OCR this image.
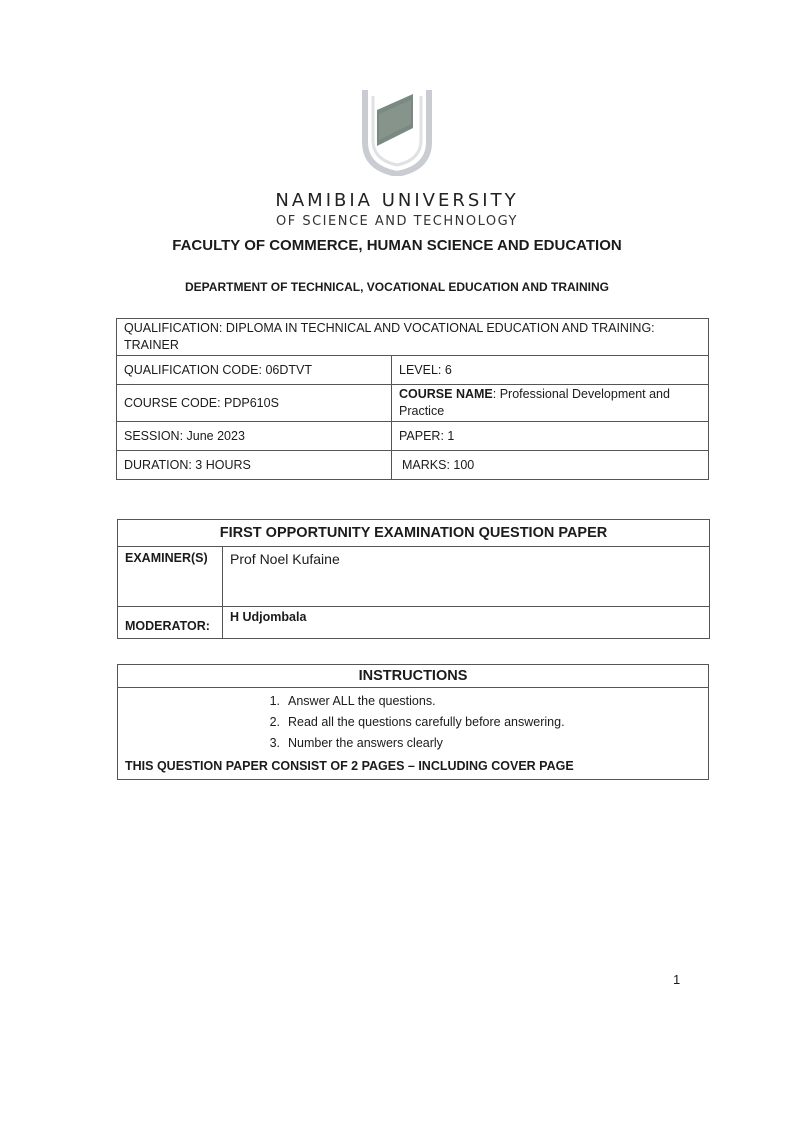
NAMIBIA UNIVERSITY
OF SCIENCE AND TECHNOLOGY
FACULTY OF COMMERCE, HUMAN SCIENCE AND EDUCATION
DEPARTMENT OF TECHNICAL, VOCATIONAL EDUCATION AND TRAINING
QUALIFICATION: DIPLOMA IN TECHNICAL AND VOCATIONAL EDUCATION AND TRAINING: TRAINER	
QUALIFICATION CODE: 06DTVT	LEVEL: 6
COURSE CODE: PDP610S	COURSE NAME: Professional Development and Practice
SESSION: June 2023	PAPER: 1
DURATION: 3 HOURS	MARKS: 100
FIRST OPPORTUNITY EXAMINATION QUESTION PAPER	
EXAMINER(S)	Prof Noel Kufaine
MODERATOR:	H Udjombala
INSTRUCTIONS

1. Answer ALL the questions.
2. Read all the questions carefully before answering.
3. Number the answers clearly

THIS QUESTION PAPER CONSIST OF 2 PAGES – INCLUDING COVER PAGE
1
